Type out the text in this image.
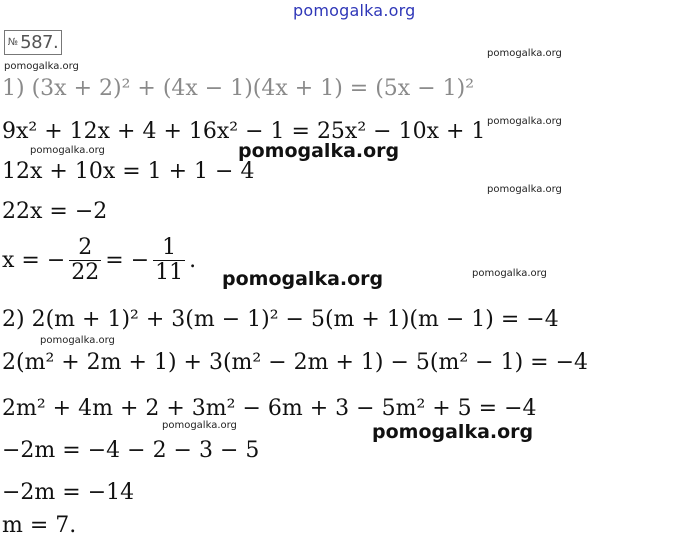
pomogalka.org
№ 587.
pomogalka.org
pomogalka.org
pomogalka.org
pomogalka.org
pomogalka.org
pomogalka.org
pomogalka.org
pomogalka.org
pomogalka.org
pomogalka.org
pomogalka.org
1) (3x + 2)² + (4x − 1)(4x + 1) = (5x − 1)²
9x² + 12x + 4 + 16x² − 1 = 25x² − 10x + 1
12x + 10x = 1 + 1 − 4
22x = −2
x = − $\frac{2}{22}$ = − $\frac{1}{11}$ .
2) 2(m + 1)² + 3(m − 1)² − 5(m + 1)(m − 1) = −4
2(m² + 2m + 1) + 3(m² − 2m + 1) − 5(m² − 1) = −4
2m² + 4m + 2 + 3m² − 6m + 3 − 5m² + 5 = −4
−2m = −4 − 2 − 3 − 5
−2m = −14
m = 7.
